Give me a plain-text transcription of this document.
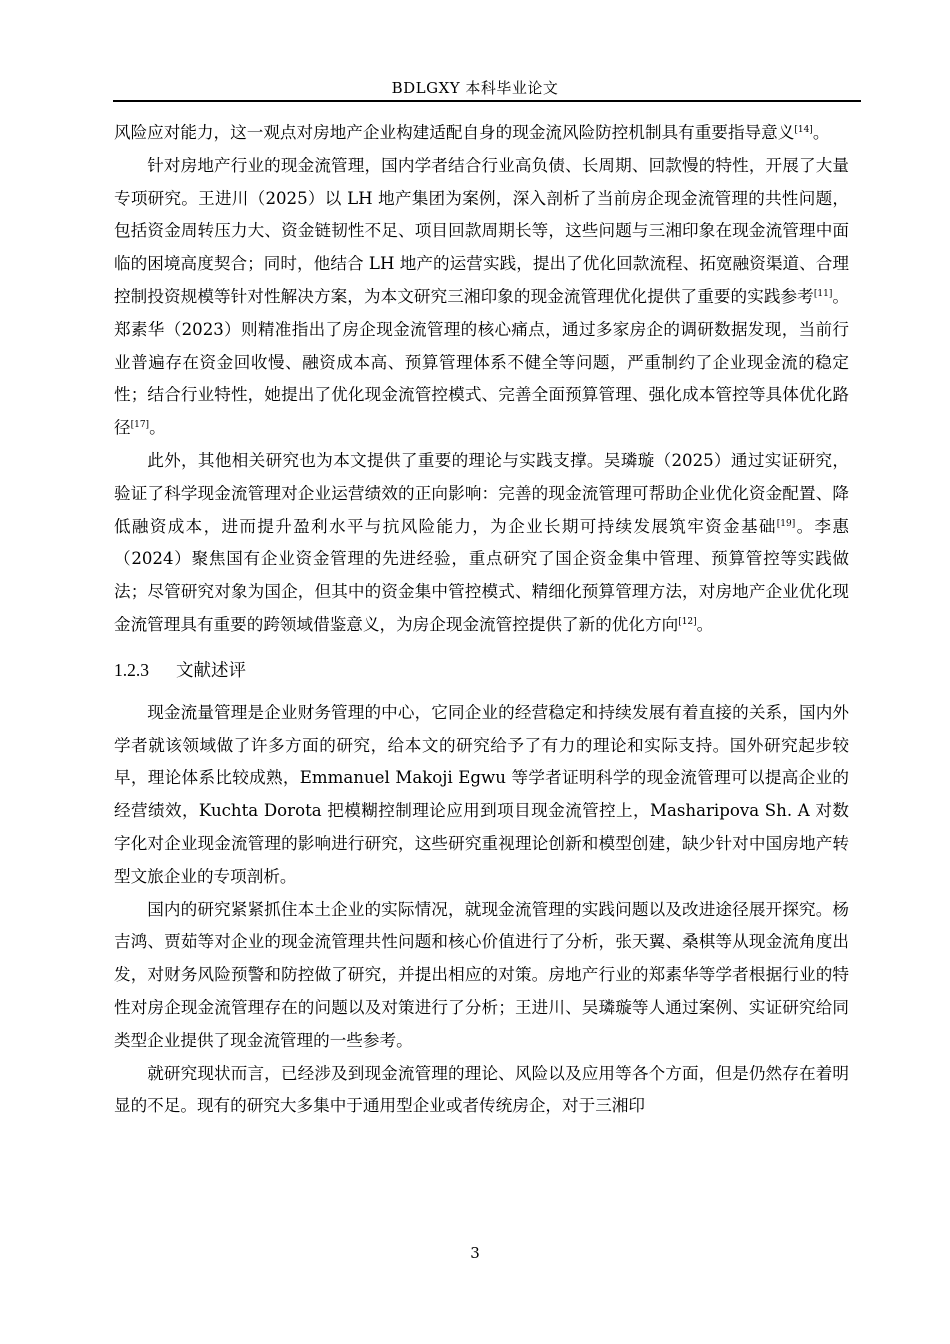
BDLGXY 本科毕业论文

风险应对能力，这一观点对房地产企业构建适配自身的现金流风险防控机制具有重要指导意义[14]。

针对房地产行业的现金流管理，国内学者结合行业高负债、长周期、回款慢的特性，开展了大量专项研究。王进川（2025）以 LH 地产集团为案例，深入剖析了当前房企现金流管理的共性问题，包括资金周转压力大、资金链韧性不足、项目回款周期长等，这些问题与三湘印象在现金流管理中面临的困境高度契合；同时，他结合 LH 地产的运营实践，提出了优化回款流程、拓宽融资渠道、合理控制投资规模等针对性解决方案，为本文研究三湘印象的现金流管理优化提供了重要的实践参考[11]。郑素华（2023）则精准指出了房企现金流管理的核心痛点，通过多家房企的调研数据发现，当前行业普遍存在资金回收慢、融资成本高、预算管理体系不健全等问题，严重制约了企业现金流的稳定性；结合行业特性，她提出了优化现金流管控模式、完善全面预算管理、强化成本管控等具体优化路径[17]。

此外，其他相关研究也为本文提供了重要的理论与实践支撑。吴璘璇（2025）通过实证研究，验证了科学现金流管理对企业运营绩效的正向影响：完善的现金流管理可帮助企业优化资金配置、降低融资成本，进而提升盈利水平与抗风险能力，为企业长期可持续发展筑牢资金基础[19]。李惠（2024）聚焦国有企业资金管理的先进经验，重点研究了国企资金集中管理、预算管控等实践做法；尽管研究对象为国企，但其中的资金集中管控模式、精细化预算管理方法，对房地产企业优化现金流管理具有重要的跨领域借鉴意义，为房企现金流管控提供了新的优化方向[12]。

1.2.3 文献述评

现金流量管理是企业财务管理的中心，它同企业的经营稳定和持续发展有着直接的关系，国内外学者就该领域做了许多方面的研究，给本文的研究给予了有力的理论和实际支持。国外研究起步较早，理论体系比较成熟，Emmanuel Makoji Egwu 等学者证明科学的现金流管理可以提高企业的经营绩效，Kuchta Dorota 把模糊控制理论应用到项目现金流管控上，Masharipova Sh. A 对数字化对企业现金流管理的影响进行研究，这些研究重视理论创新和模型创建，缺少针对中国房地产转型文旅企业的专项剖析。

国内的研究紧紧抓住本土企业的实际情况，就现金流管理的实践问题以及改进途径展开探究。杨吉鸿、贾茹等对企业的现金流管理共性问题和核心价值进行了分析，张天翼、桑棋等从现金流角度出发，对财务风险预警和防控做了研究，并提出相应的对策。房地产行业的郑素华等学者根据行业的特性对房企现金流管理存在的问题以及对策进行了分析；王进川、吴璘璇等人通过案例、实证研究给同类型企业提供了现金流管理的一些参考。

就研究现状而言，已经涉及到现金流管理的理论、风险以及应用等各个方面，但是仍然存在着明显的不足。现有的研究大多集中于通用型企业或者传统房企，对于三湘印

3
